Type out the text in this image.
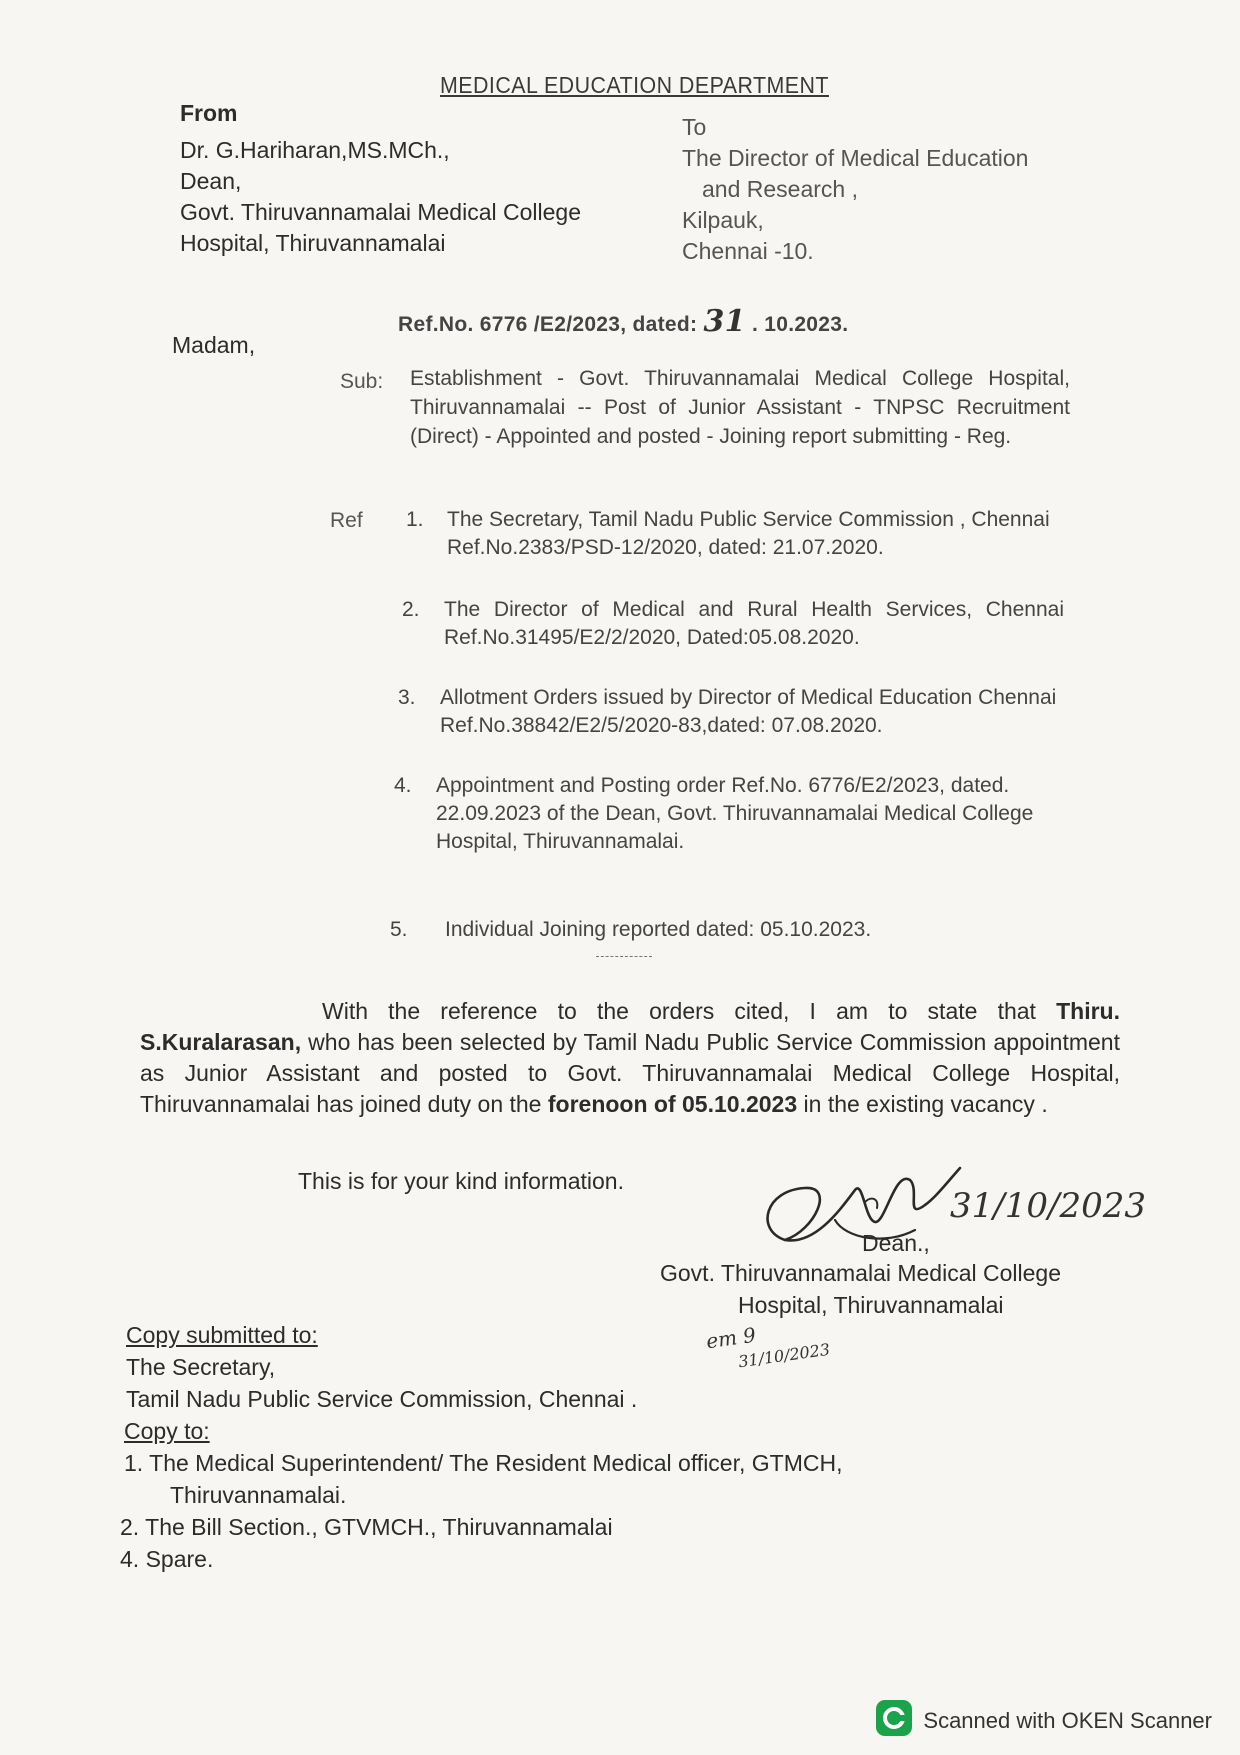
MEDICAL EDUCATION DEPARTMENT
From
Dr. G.Hariharan,MS.MCh.,
Dean,
Govt. Thiruvannamalai Medical College
Hospital, Thiruvannamalai
To
The Director of Medical Education
and Research ,
Kilpauk,
Chennai -10.
Ref.No. 6776 /E2/2023, dated: 31 . 10.2023.
Madam,
Sub: Establishment - Govt. Thiruvannamalai Medical College Hospital, Thiruvannamalai -- Post of Junior Assistant - TNPSC Recruitment (Direct) - Appointed and posted - Joining report submitting - Reg.
Ref 1. The Secretary, Tamil Nadu Public Service Commission , Chennai Ref.No.2383/PSD-12/2020, dated: 21.07.2020.
2. The Director of Medical and Rural Health Services, Chennai Ref.No.31495/E2/2/2020, Dated:05.08.2020.
3. Allotment Orders issued by Director of Medical Education Chennai Ref.No.38842/E2/5/2020-83,dated: 07.08.2020.
4. Appointment and Posting order Ref.No. 6776/E2/2023, dated. 22.09.2023 of the Dean, Govt. Thiruvannamalai Medical College Hospital, Thiruvannamalai.
5. Individual Joining reported dated: 05.10.2023.
With the reference to the orders cited, I am to state that Thiru. S.Kuralarasan, who has been selected by Tamil Nadu Public Service Commission appointment as Junior Assistant and posted to Govt. Thiruvannamalai Medical College Hospital, Thiruvannamalai has joined duty on the forenoon of 05.10.2023 in the existing vacancy .
This is for your kind information.
31/10/2023
Dean.,
Govt. Thiruvannamalai Medical College
Hospital, Thiruvannamalai
em 9
31/10/2023
Copy submitted to:
The Secretary,
Tamil Nadu Public Service Commission, Chennai .
Copy to:
1. The Medical Superintendent/ The Resident Medical officer, GTMCH,
Thiruvannamalai.
2. The Bill Section., GTVMCH., Thiruvannamalai
4. Spare.
Scanned with OKEN Scanner
